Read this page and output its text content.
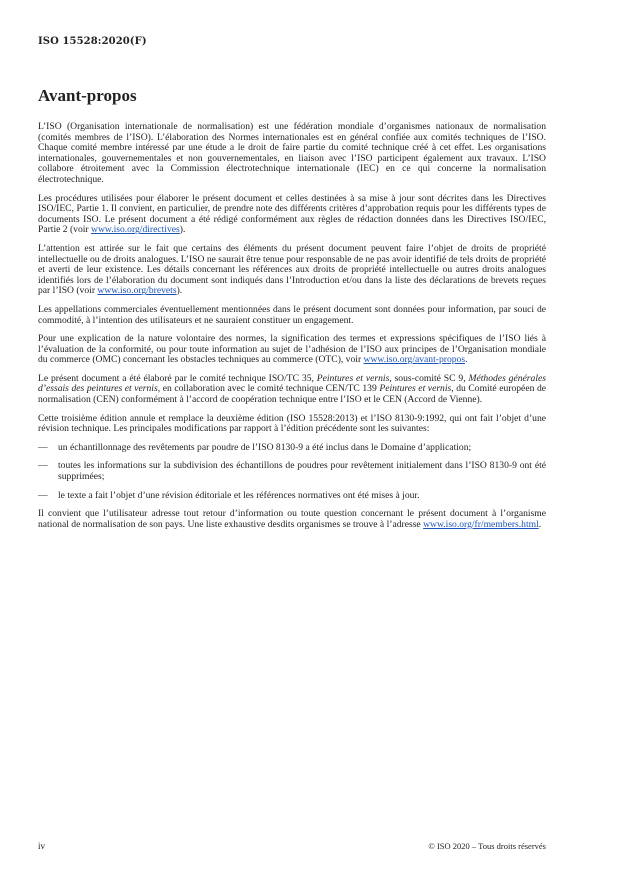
ISO 15528:2020(F)
Avant-propos

L’ISO (Organisation internationale de normalisation) est une fédération mondiale d’organismes nationaux de normalisation (comités membres de l’ISO). L’élaboration des Normes internationales est en général confiée aux comités techniques de l’ISO. Chaque comité membre intéressé par une étude a le droit de faire partie du comité technique créé à cet effet. Les organisations internationales, gouvernementales et non gouvernementales, en liaison avec l’ISO participent également aux travaux. L’ISO collabore étroitement avec la Commission électrotechnique internationale (IEC) en ce qui concerne la normalisation électrotechnique.

Les procédures utilisées pour élaborer le présent document et celles destinées à sa mise à jour sont décrites dans les Directives ISO/IEC, Partie 1. Il convient, en particulier, de prendre note des différents critères d’approbation requis pour les différents types de documents ISO. Le présent document a été rédigé conformément aux règles de rédaction données dans les Directives ISO/IEC, Partie 2 (voir www.iso.org/directives).

L’attention est attirée sur le fait que certains des éléments du présent document peuvent faire l’objet de droits de propriété intellectuelle ou de droits analogues. L’ISO ne saurait être tenue pour responsable de ne pas avoir identifié de tels droits de propriété et averti de leur existence. Les détails concernant les références aux droits de propriété intellectuelle ou autres droits analogues identifiés lors de l’élaboration du document sont indiqués dans l’Introduction et/ou dans la liste des déclarations de brevets reçues par l’ISO (voir www.iso.org/brevets).

Les appellations commerciales éventuellement mentionnées dans le présent document sont données pour information, par souci de commodité, à l’intention des utilisateurs et ne sauraient constituer un engagement.

Pour une explication de la nature volontaire des normes, la signification des termes et expressions spécifiques de l’ISO liés à l’évaluation de la conformité, ou pour toute information au sujet de l’adhésion de l’ISO aux principes de l’Organisation mondiale du commerce (OMC) concernant les obstacles techniques au commerce (OTC), voir www.iso.org/avant-propos.

Le présent document a été élaboré par le comité technique ISO/TC 35, Peintures et vernis, sous-comité SC 9, Méthodes générales d’essais des peintures et vernis, en collaboration avec le comité technique CEN/TC 139 Peintures et vernis, du Comité européen de normalisation (CEN) conformément à l’accord de coopération technique entre l’ISO et le CEN (Accord de Vienne).

Cette troisième édition annule et remplace la deuxième édition (ISO 15528:2013) et l’ISO 8130-9:1992, qui ont fait l’objet d’une révision technique. Les principales modifications par rapport à l’édition précédente sont les suivantes:

—	un échantillonnage des revêtements par poudre de l’ISO 8130-9 a été inclus dans le Domaine d’application;
—	toutes les informations sur la subdivision des échantillons de poudres pour revêtement initialement dans l’ISO 8130-9 ont été supprimées;
—	le texte a fait l’objet d’une révision éditoriale et les références normatives ont été mises à jour.

Il convient que l’utilisateur adresse tout retour d’information ou toute question concernant le présent document à l’organisme national de normalisation de son pays. Une liste exhaustive desdits organismes se trouve à l’adresse www.iso.org/fr/members.html.

iv	© ISO 2020 – Tous droits réservés
